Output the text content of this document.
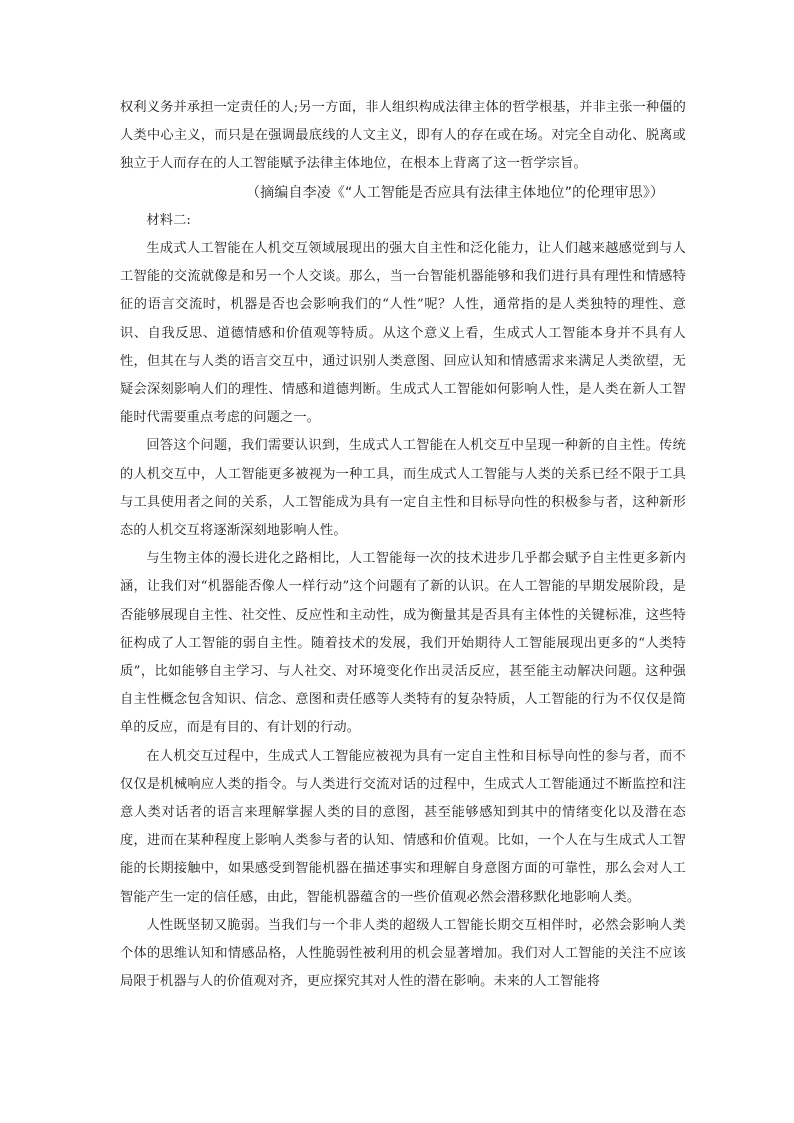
权利义务并承担一定责任的人;另一方面，非人组织构成法律主体的哲学根基，并非主张一种僵的人类中心主义，而只是在强调最底线的人文主义，即有人的存在或在场。对完全自动化、脱离或独立于人而存在的人工智能赋予法律主体地位，在根本上背离了这一哲学宗旨。

（摘编自李凌《“人工智能是否应具有法律主体地位”的伦理审思》）

材料二:

生成式人工智能在人机交互领域展现出的强大自主性和泛化能力，让人们越来越感觉到与人工智能的交流就像是和另一个人交谈。那么，当一台智能机器能够和我们进行具有理性和情感特征的语言交流时，机器是否也会影响我们的“人性”呢？人性，通常指的是人类独特的理性、意识、自我反思、道德情感和价值观等特质。从这个意义上看，生成式人工智能本身并不具有人性，但其在与人类的语言交互中，通过识别人类意图、回应认知和情感需求来满足人类欲望，无疑会深刻影响人们的理性、情感和道德判断。生成式人工智能如何影响人性，是人类在新人工智能时代需要重点考虑的问题之一。

回答这个问题，我们需要认识到，生成式人工智能在人机交互中呈现一种新的自主性。传统的人机交互中，人工智能更多被视为一种工具，而生成式人工智能与人类的关系已经不限于工具与工具使用者之间的关系，人工智能成为具有一定自主性和目标导向性的积极参与者，这种新形态的人机交互将逐渐深刻地影响人性。

与生物主体的漫长进化之路相比，人工智能每一次的技术进步几乎都会赋予自主性更多新内涵，让我们对“机器能否像人一样行动”这个问题有了新的认识。在人工智能的早期发展阶段，是否能够展现自主性、社交性、反应性和主动性，成为衡量其是否具有主体性的关键标准，这些特征构成了人工智能的弱自主性。随着技术的发展，我们开始期待人工智能展现出更多的“人类特质”，比如能够自主学习、与人社交、对环境变化作出灵活反应，甚至能主动解决问题。这种强自主性概念包含知识、信念、意图和责任感等人类特有的复杂特质，人工智能的行为不仅仅是简单的反应，而是有目的、有计划的行动。

在人机交互过程中，生成式人工智能应被视为具有一定自主性和目标导向性的参与者，而不仅仅是机械响应人类的指令。与人类进行交流对话的过程中，生成式人工智能通过不断监控和注意人类对话者的语言来理解掌握人类的目的意图，甚至能够感知到其中的情绪变化以及潜在态度，进而在某种程度上影响人类参与者的认知、情感和价值观。比如，一个人在与生成式人工智能的长期接触中，如果感受到智能机器在描述事实和理解自身意图方面的可靠性，那么会对人工智能产生一定的信任感，由此，智能机器蕴含的一些价值观必然会潜移默化地影响人类。

人性既坚韧又脆弱。当我们与一个非人类的超级人工智能长期交互相伴时，必然会影响人类个体的思维认知和情感品格，人性脆弱性被利用的机会显著增加。我们对人工智能的关注不应该局限于机器与人的价值观对齐，更应探究其对人性的潜在影响。未来的人工智能将
